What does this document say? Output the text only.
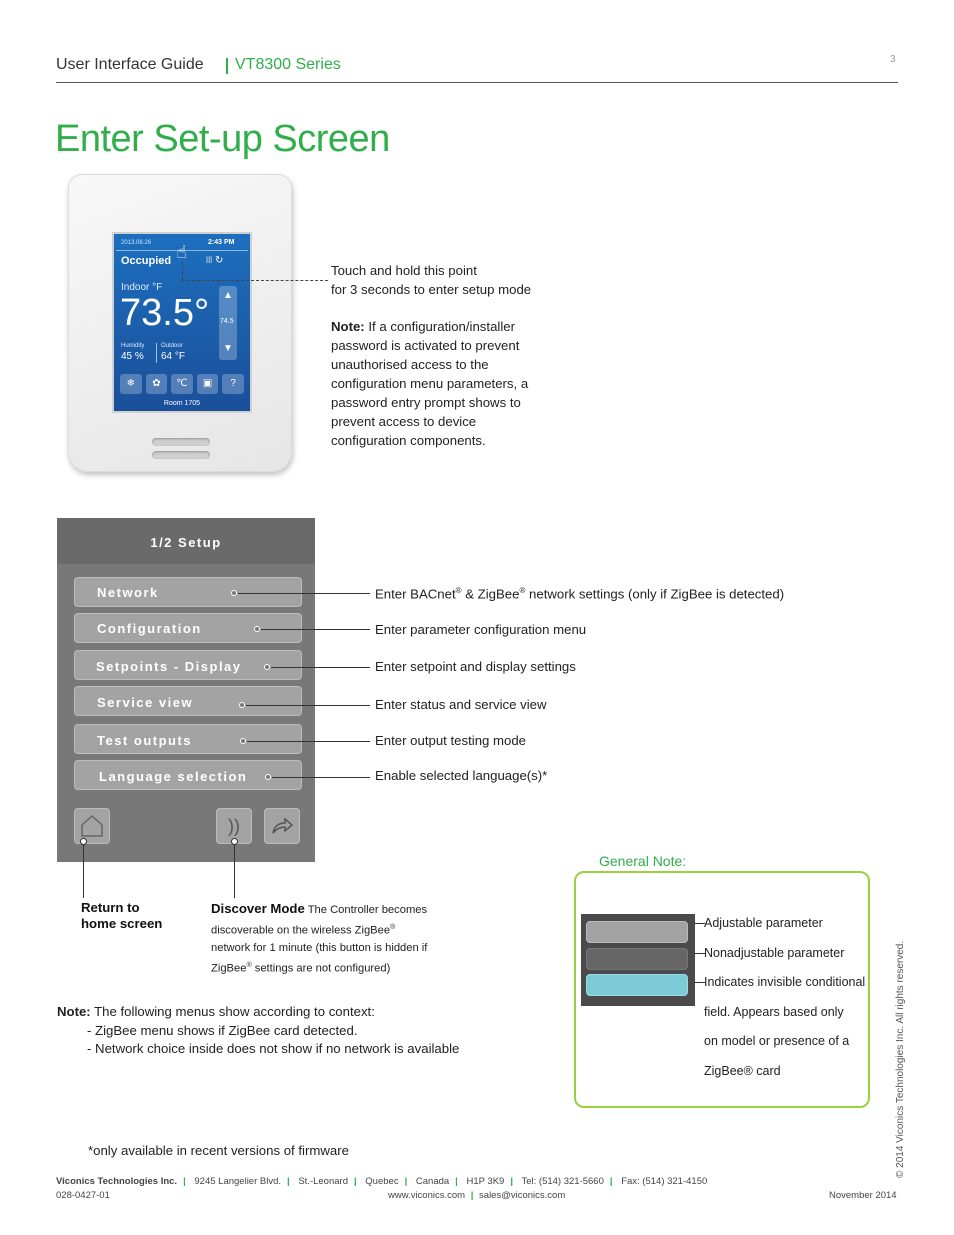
User Interface Guide VT8300 Series	3
Enter Set-up Screen
2013.08.26	2:43 PM
Occupied	⧘⧘⧘ ↻
Indoor °F
73.5°	▲
▼
74.5
Humidity
45 %
Outdoor
64 °F
❄	✿	℃	▣	?
Room 1705
☝
Touch and hold this point
for 3 seconds to enter setup mode
Note: If a configuration/installer password is activated to prevent unauthorised access to the configuration menu parameters, a password entry prompt shows to prevent access to device configuration components.
1/2 Setup
Network	Enter BACnet® & ZigBee® network settings (only if ZigBee is detected)
Configuration	Enter parameter configuration menu
Setpoints - Display	Enter setpoint and display settings
Service view	Enter status and service view
Test outputs	Enter output testing mode
Language selection	Enable selected language(s)*
))
Return to
home screen
Discover Mode The Controller becomes discoverable on the wireless ZigBee® network for 1 minute (this button is hidden if ZigBee® settings are not configured)
Note: The following menus show according to context:
- ZigBee menu shows if ZigBee card detected.
- Network choice inside does not show if no network is available
*only available in recent versions of firmware
General Note:
Adjustable parameter
Nonadjustable parameter
Indicates invisible conditional
field. Appears based only
on model or presence of a
ZigBee® card	© 2014 Viconics Technologies Inc. All rights reserved.
Viconics Technologies Inc. | 9245 Langelier Blvd. | St.-Leonard | Quebec | Canada | H1P 3K9 | Tel: (514) 321-5660 | Fax: (514) 321-4150
028-0427-01	www.viconics.com | sales@viconics.com	November 2014
